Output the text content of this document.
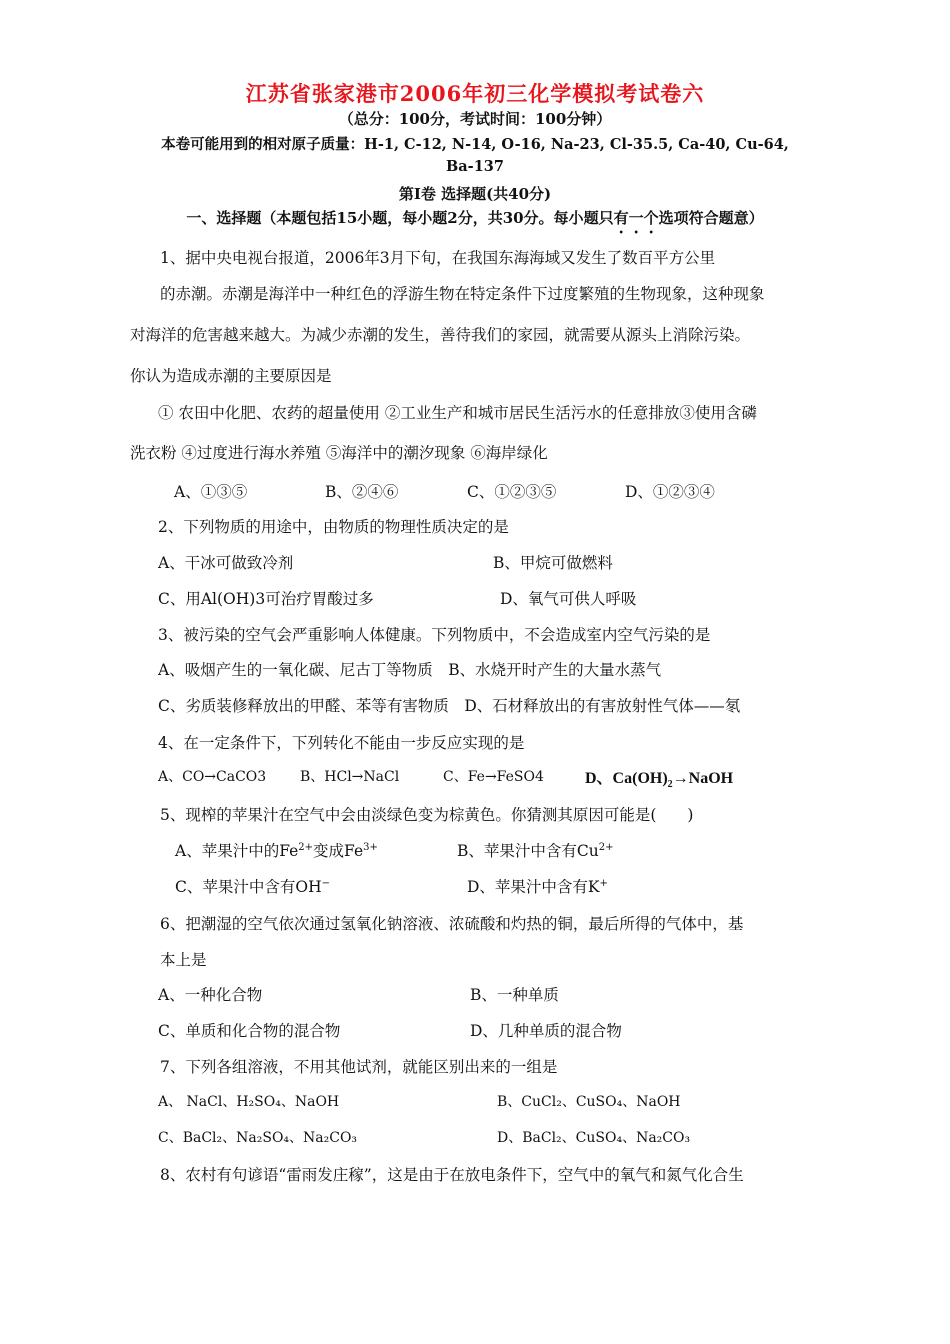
江苏省张家港市2006年初三化学模拟考试卷六
（总分：100分，考试时间：100分钟）
本卷可能用到的相对原子质量：H-1, C-12, N-14, O-16, Na-23, Cl-35.5, Ca-40, Cu-64,
Ba-137
第Ⅰ卷 选择题(共40分)
一、选择题（本题包括15小题，每小题2分，共30分。每小题只有一个选项符合题意）
1、据中央电视台报道，2006年3月下旬，在我国东海海域又发生了数百平方公里
的赤潮。赤潮是海洋中一种红色的浮游生物在特定条件下过度繁殖的生物现象，这种现象
对海洋的危害越来越大。为减少赤潮的发生，善待我们的家园，就需要从源头上消除污染。
你认为造成赤潮的主要原因是
① 农田中化肥、农药的超量使用 ②工业生产和城市居民生活污水的任意排放③使用含磷
洗衣粉 ④过度进行海水养殖 ⑤海洋中的潮汐现象 ⑥海岸绿化
A、①③⑤	B、②④⑥	C、①②③⑤	D、①②③④
2、下列物质的用途中，由物质的物理性质决定的是
A、干冰可做致冷剂	B、甲烷可做燃料
C、用Al(OH)3可治疗胃酸过多	D、氧气可供人呼吸
3、被污染的空气会严重影响人体健康。下列物质中，不会造成室内空气污染的是
A、吸烟产生的一氧化碳、尼古丁等物质　B、水烧开时产生的大量水蒸气
C、劣质装修释放出的甲醛、苯等有害物质　D、石材释放出的有害放射性气体——氡
4、在一定条件下，下列转化不能由一步反应实现的是
A、CO→CaCO3 B、HCl→NaCl	C、Fe→FeSO4	D、$Ca(OH)_2\to NaOH$
5、现榨的苹果汁在空气中会由淡绿色变为棕黄色。你猜测其原因可能是(　　)
A、苹果汁中的$Fe^{2+}$变成$Fe^{3+}$	B、苹果汁中含有$Cu^{2+}$
C、苹果汁中含有OH−	D、苹果汁中含有K+
6、把潮湿的空气依次通过氢氧化钠溶液、浓硫酸和灼热的铜，最后所得的气体中，基
本上是
A、一种化合物	B、一种单质
C、单质和化合物的混合物	D、几种单质的混合物
7、下列各组溶液，不用其他试剂，就能区别出来的一组是
A、 NaCl、H₂SO₄、NaOH	B、CuCl₂、CuSO₄、NaOH
C、BaCl₂、Na₂SO₄、Na₂CO₃	D、BaCl₂、CuSO₄、Na₂CO₃
8、农村有句谚语“雷雨发庄稼”，这是由于在放电条件下，空气中的氧气和氮气化合生
